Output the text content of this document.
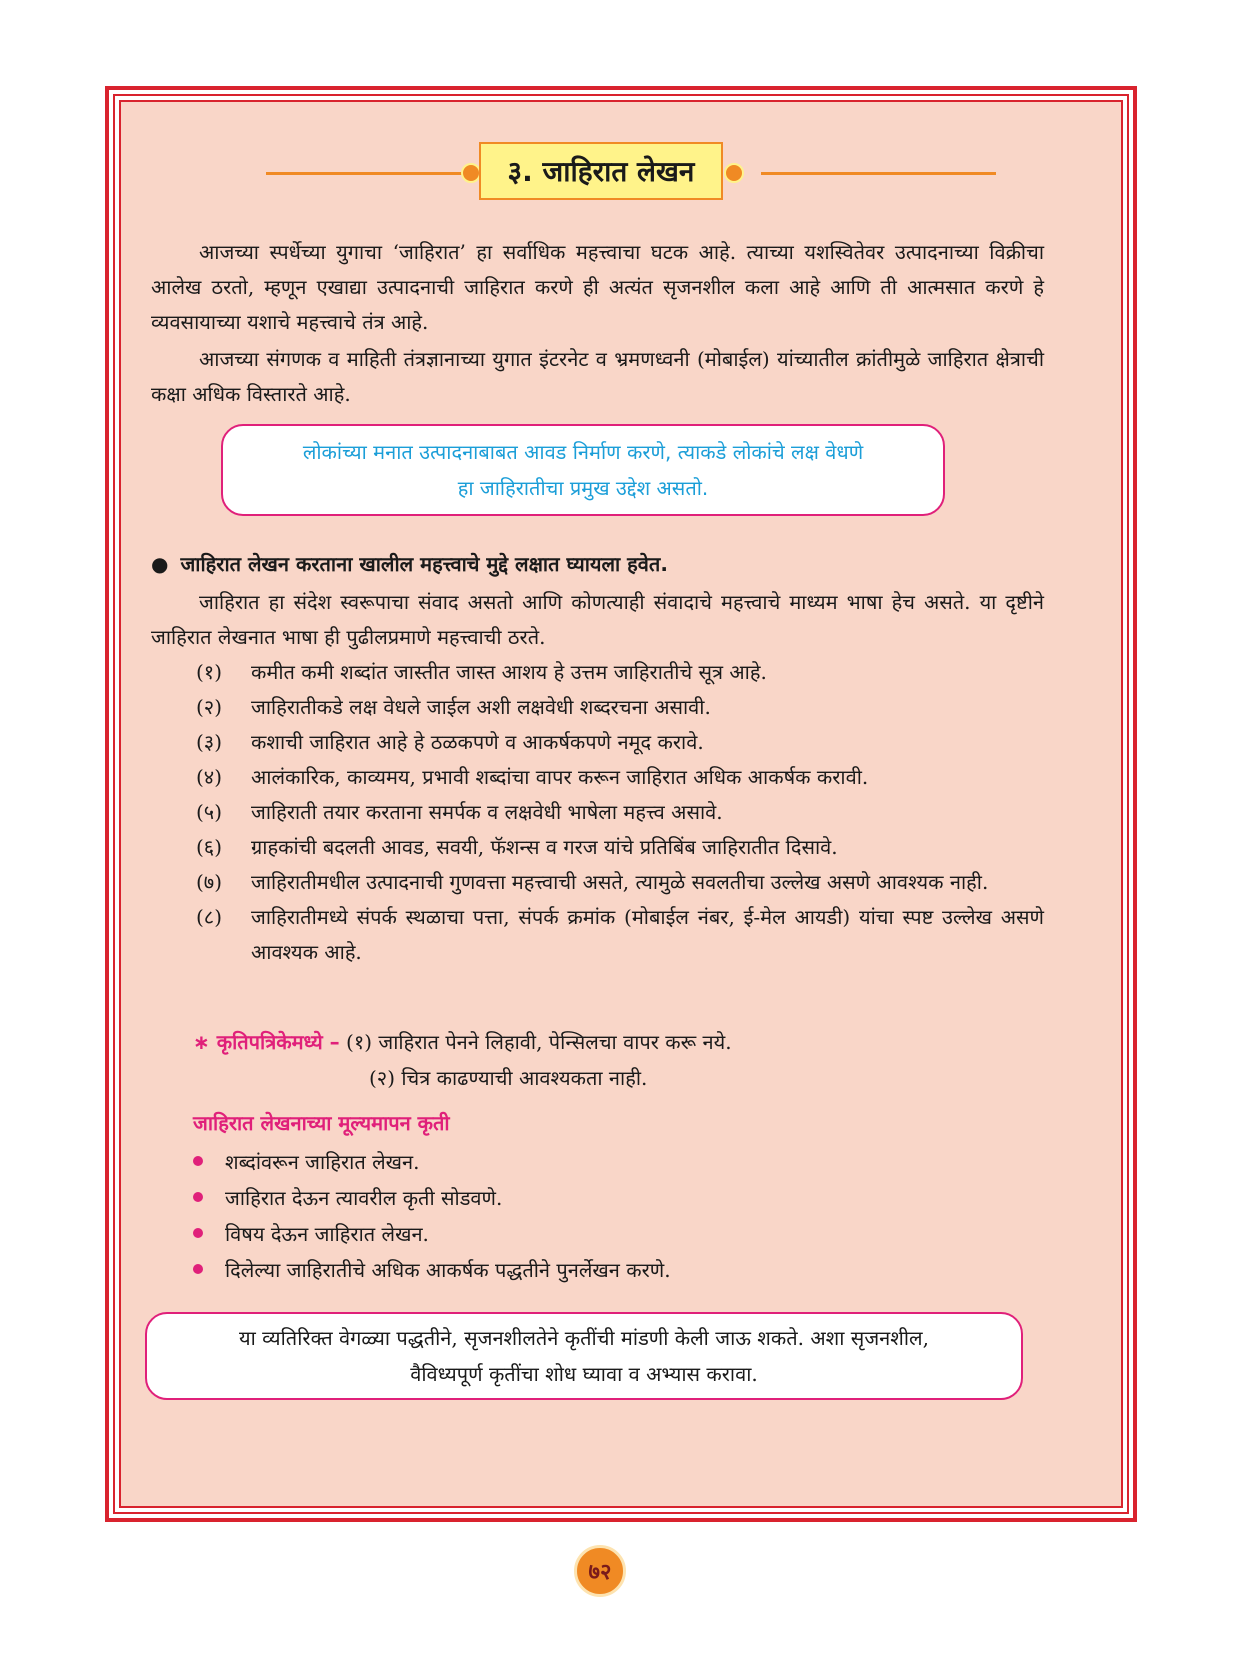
३. जाहिरात लेखन

आजच्या स्पर्धेच्या युगाचा ‘जाहिरात’ हा सर्वाधिक महत्त्वाचा घटक आहे. त्याच्या यशस्वितेवर उत्पादनाच्या विक्रीचा आलेख ठरतो, म्हणून एखाद्या उत्पादनाची जाहिरात करणे ही अत्यंत सृजनशील कला आहे आणि ती आत्मसात करणे हे व्यवसायाच्या यशाचे महत्त्वाचे तंत्र आहे.

आजच्या संगणक व माहिती तंत्रज्ञानाच्या युगात इंटरनेट व भ्रमणध्वनी (मोबाईल) यांच्यातील क्रांतीमुळे जाहिरात क्षेत्राची कक्षा अधिक विस्तारते आहे.

लोकांच्या मनात उत्पादनाबाबत आवड निर्माण करणे, त्याकडे लोकांचे लक्ष वेधणे
हा जाहिरातीचा प्रमुख उद्देश असतो.
● जाहिरात लेखन करताना खालील महत्त्वाचे मुद्दे लक्षात घ्यायला हवेत.

जाहिरात हा संदेश स्वरूपाचा संवाद असतो आणि कोणत्याही संवादाचे महत्त्वाचे माध्यम भाषा हेच असते. या दृष्टीने जाहिरात लेखनात भाषा ही पुढीलप्रमाणे महत्त्वाची ठरते.

(१)	कमीत कमी शब्दांत जास्तीत जास्त आशय हे उत्तम जाहिरातीचे सूत्र आहे.
(२)	जाहिरातीकडे लक्ष वेधले जाईल अशी लक्षवेधी शब्दरचना असावी.
(३)	कशाची जाहिरात आहे हे ठळकपणे व आकर्षकपणे नमूद करावे.
(४)	आलंकारिक, काव्यमय, प्रभावी शब्दांचा वापर करून जाहिरात अधिक आकर्षक करावी.
(५)	जाहिराती तयार करताना समर्पक व लक्षवेधी भाषेला महत्त्व असावे.
(६)	ग्राहकांची बदलती आवड, सवयी, फॅशन्स व गरज यांचे प्रतिबिंब जाहिरातीत दिसावे.
(७)	जाहिरातीमधील उत्पादनाची गुणवत्ता महत्त्वाची असते, त्यामुळे सवलतीचा उल्लेख असणे आवश्यक नाही.
(८)	जाहिरातीमध्ये संपर्क स्थळाचा पत्ता, संपर्क क्रमांक (मोबाईल नंबर, ई-मेल आयडी) यांचा स्पष्ट उल्लेख असणे आवश्यक आहे.
∗ कृतिपत्रिकेमध्ये – (१) जाहिरात पेनने लिहावी, पेन्सिलचा वापर करू नये.
(२) चित्र काढण्याची आवश्यकता नाही.
जाहिरात लेखनाच्या मूल्यमापन कृती
शब्दांवरून जाहिरात लेखन.
जाहिरात देऊन त्यावरील कृती सोडवणे.
विषय देऊन जाहिरात लेखन.
दिलेल्या जाहिरातीचे अधिक आकर्षक पद्धतीने पुनर्लेखन करणे.
या व्यतिरिक्त वेगळ्या पद्धतीने, सृजनशीलतेने कृतींची मांडणी केली जाऊ शकते. अशा सृजनशील,
वैविध्यपूर्ण कृतींचा शोध घ्यावा व अभ्यास करावा.
७२
